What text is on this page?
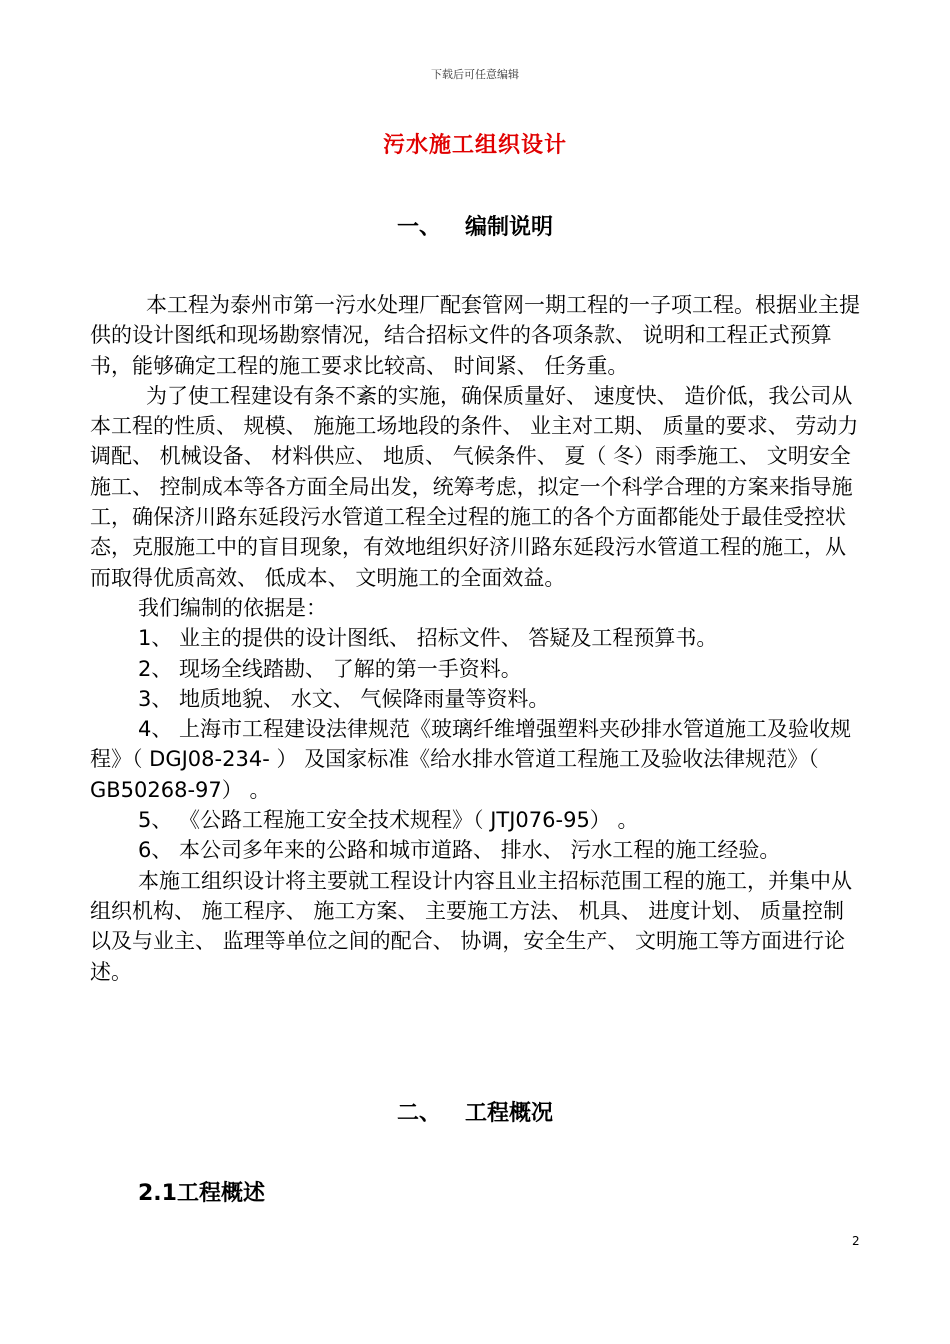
下载后可任意编辑
污水施工组织设计
一、 编制说明

本工程为泰州市第一污水处理厂配套管网一期工程的一子项工程。根据业主提供的设计图纸和现场勘察情况，结合招标文件的各项条款、 说明和工程正式预算书，能够确定工程的施工要求比较高、 时间紧、 任务重。

为了使工程建设有条不紊的实施，确保质量好、 速度快、 造价低，我公司从本工程的性质、 规模、 施施工场地段的条件、 业主对工期、 质量的要求、 劳动力调配、 机械设备、 材料供应、 地质、 气候条件、 夏（ 冬）雨季施工、 文明安全施工、 控制成本等各方面全局出发，统筹考虑，拟定一个科学合理的方案来指导施工，确保济川路东延段污水管道工程全过程的施工的各个方面都能处于最佳受控状态，克服施工中的盲目现象，有效地组织好济川路东延段污水管道工程的施工，从而取得优质高效、 低成本、 文明施工的全面效益。

我们编制的依据是：

1、 业主的提供的设计图纸、 招标文件、 答疑及工程预算书。

2、 现场全线踏勘、 了解的第一手资料。

3、 地质地貌、 水文、 气候降雨量等资料。

4、 上海市工程建设法律规范《玻璃纤维增强塑料夹砂排水管道施工及验收规程》（ DGJ08-234- ） 及国家标准《给水排水管道工程施工及验收法律规范》（ GB50268-97） 。

5、 《公路工程施工安全技术规程》（ JTJ076-95） 。

6、 本公司多年来的公路和城市道路、 排水、 污水工程的施工经验。

本施工组织设计将主要就工程设计内容且业主招标范围工程的施工，并集中从组织机构、 施工程序、 施工方案、 主要施工方法、 机具、 进度计划、 质量控制以及与业主、 监理等单位之间的配合、 协调，安全生产、 文明施工等方面进行论述。

二、 工程概况
2.1工程概述
2
